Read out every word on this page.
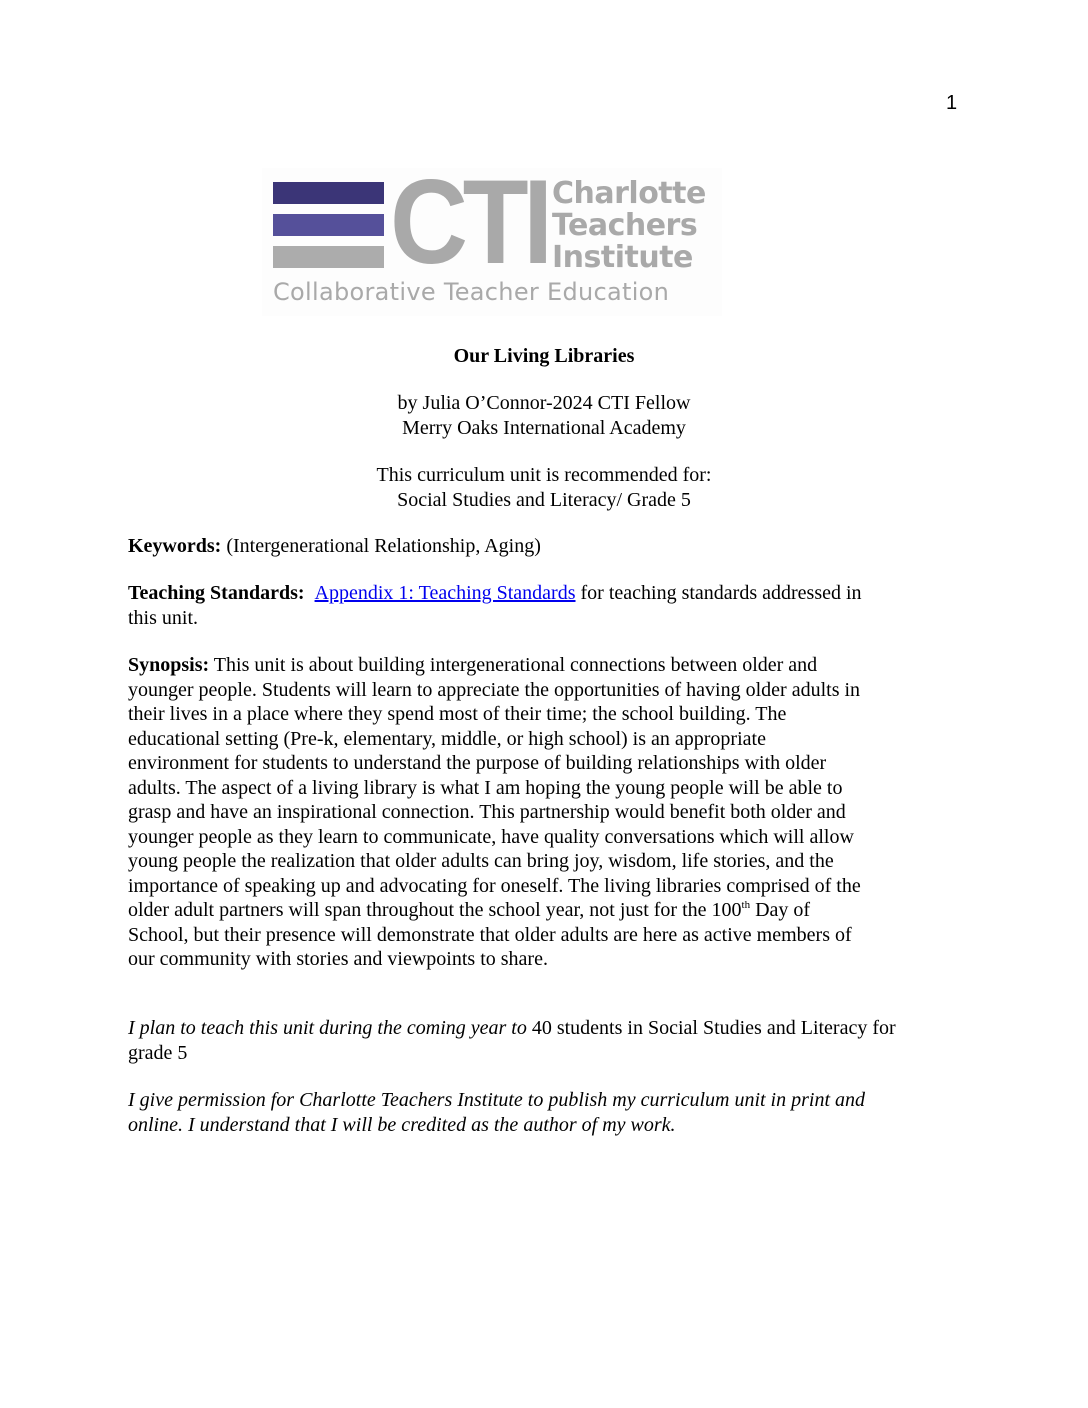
1
CTI Charlotte
Teachers
Institute
Collaborative Teacher Education
Our Living Libraries
by Julia O’Connor-2024 CTI Fellow
Merry Oaks International Academy
This curriculum unit is recommended for:
Social Studies and Literacy/ Grade 5
Keywords: (Intergenerational Relationship, Aging)
Teaching Standards: Appendix 1: Teaching Standards for teaching standards addressed in
this unit.
Synopsis: This unit is about building intergenerational connections between older and
younger people. Students will learn to appreciate the opportunities of having older adults in
their lives in a place where they spend most of their time; the school building. The
educational setting (Pre-k, elementary, middle, or high school) is an appropriate
environment for students to understand the purpose of building relationships with older
adults. The aspect of a living library is what I am hoping the young people will be able to
grasp and have an inspirational connection. This partnership would benefit both older and
younger people as they learn to communicate, have quality conversations which will allow
young people the realization that older adults can bring joy, wisdom, life stories, and the
importance of speaking up and advocating for oneself. The living libraries comprised of the
older adult partners will span throughout the school year, not just for the 100th Day of
School, but their presence will demonstrate that older adults are here as active members of
our community with stories and viewpoints to share.
I plan to teach this unit during the coming year to 40 students in Social Studies and Literacy for
grade 5
I give permission for Charlotte Teachers Institute to publish my curriculum unit in print and
online. I understand that I will be credited as the author of my work.
